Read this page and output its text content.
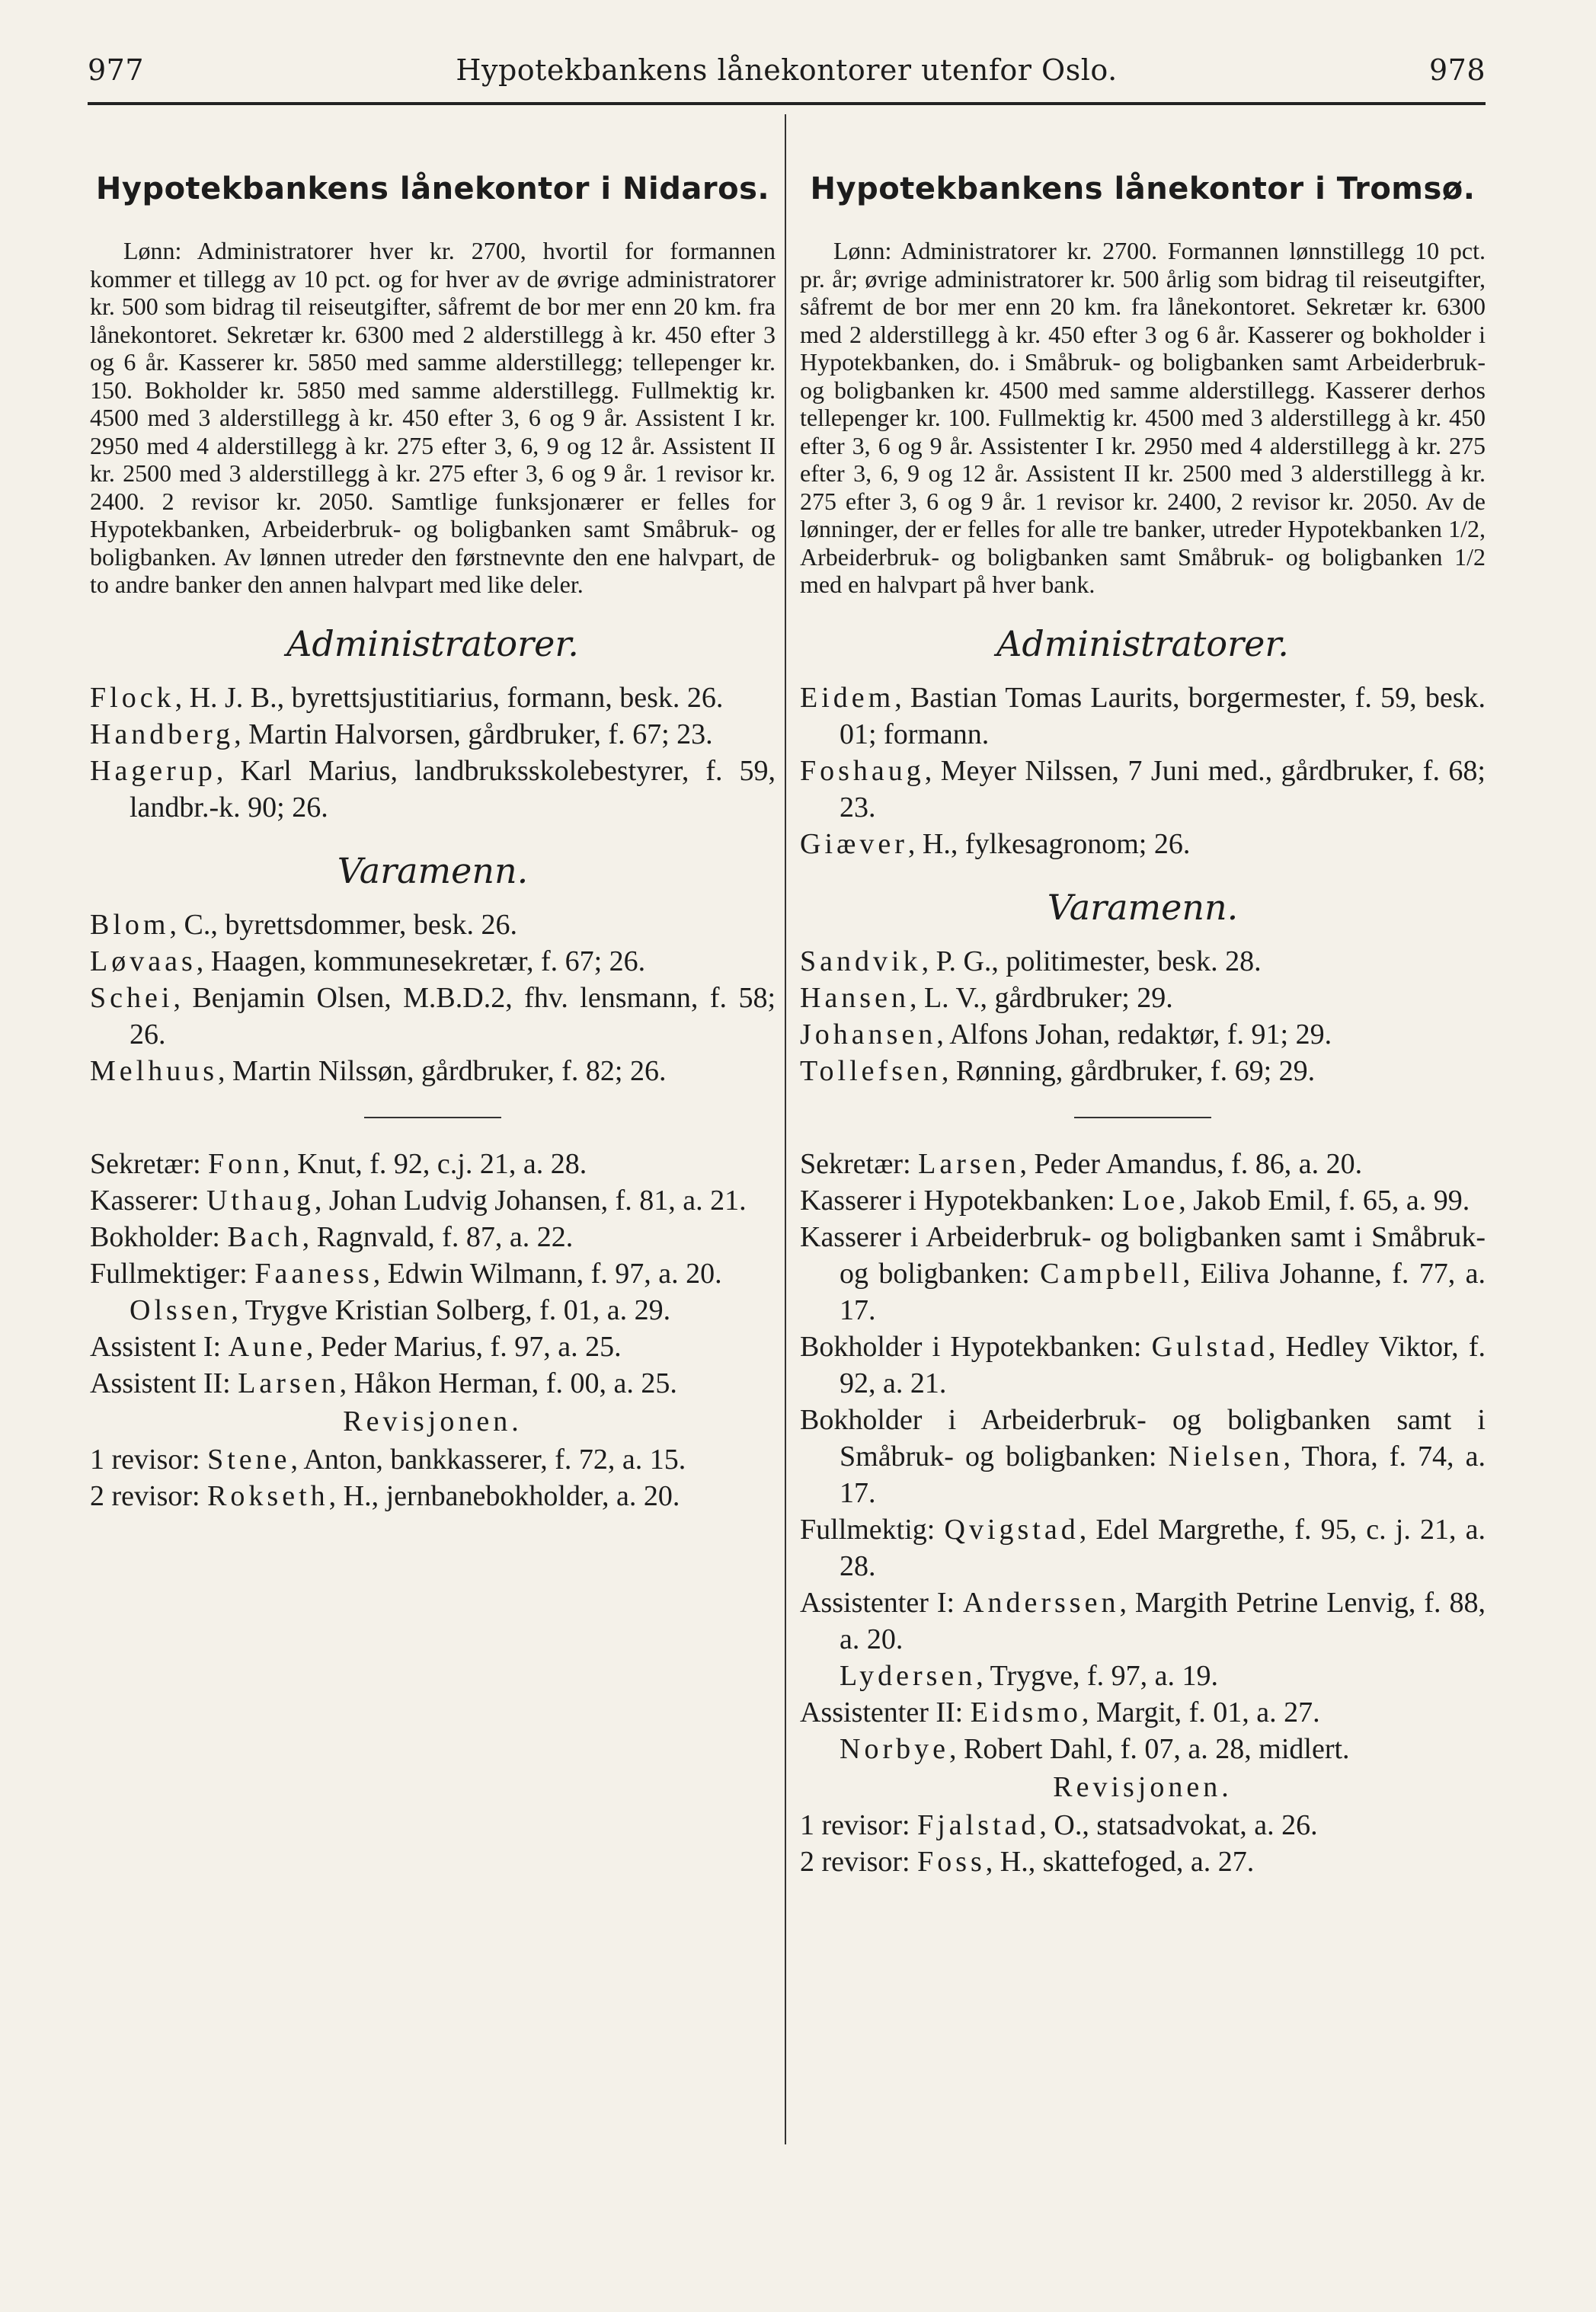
977	Hypotekbankens lånekontorer utenfor Oslo.	978
Hypotekbankens lånekontor i Nidaros.

Lønn: Administratorer hver kr. 2700, hvortil for formannen kommer et tillegg av 10 pct. og for hver av de øvrige administratorer kr. 500 som bidrag til reiseutgifter, såfremt de bor mer enn 20 km. fra lånekontoret. Sekretær kr. 6300 med 2 alderstillegg à kr. 450 efter 3 og 6 år. Kasserer kr. 5850 med samme alderstillegg; tellepenger kr. 150. Bokholder kr. 5850 med samme alderstillegg. Fullmektig kr. 4500 med 3 alderstillegg à kr. 450 efter 3, 6 og 9 år. Assistent I kr. 2950 med 4 alderstillegg à kr. 275 efter 3, 6, 9 og 12 år. Assistent II kr. 2500 med 3 alderstillegg à kr. 275 efter 3, 6 og 9 år. 1 revisor kr. 2400. 2 revisor kr. 2050. Samtlige funksjonærer er felles for Hypotekbanken, Arbeiderbruk- og boligbanken samt Småbruk- og boligbanken. Av lønnen utreder den førstnevnte den ene halvpart, de to andre banker den annen halvpart med like deler.

Administratorer.

Flock, H. J. B., byrettsjustitiarius, formann, besk. 26.

Handberg, Martin Halvorsen, gårdbruker, f. 67; 23.

Hagerup, Karl Marius, landbruksskolebestyrer, f. 59, landbr.-k. 90; 26.

Varamenn.

Blom, C., byrettsdommer, besk. 26.

Løvaas, Haagen, kommunesekretær, f. 67; 26.

Schei, Benjamin Olsen, M.B.D.2, fhv. lensmann, f. 58; 26.

Melhuus, Martin Nilssøn, gårdbruker, f. 82; 26.

Sekretær: Fonn, Knut, f. 92, c.j. 21, a. 28.

Kasserer: Uthaug, Johan Ludvig Johansen, f. 81, a. 21.

Bokholder: Bach, Ragnvald, f. 87, a. 22.

Fullmektiger: Faaness, Edwin Wilmann, f. 97, a. 20.

Olssen, Trygve Kristian Solberg, f. 01, a. 29.

Assistent I: Aune, Peder Marius, f. 97, a. 25.

Assistent II: Larsen, Håkon Herman, f. 00, a. 25.

Revisjonen.

1 revisor: Stene, Anton, bankkasserer, f. 72, a. 15.

2 revisor: Rokseth, H., jernbanebokholder, a. 20.

Hypotekbankens lånekontor i Tromsø.

Lønn: Administratorer kr. 2700. Formannen lønnstillegg 10 pct. pr. år; øvrige administratorer kr. 500 årlig som bidrag til reiseutgifter, såfremt de bor mer enn 20 km. fra lånekontoret. Sekretær kr. 6300 med 2 alderstillegg à kr. 450 efter 3 og 6 år. Kasserer og bokholder i Hypotekbanken, do. i Småbruk- og boligbanken samt Arbeiderbruk- og boligbanken kr. 4500 med samme alderstillegg. Kasserer derhos tellepenger kr. 100. Fullmektig kr. 4500 med 3 alderstillegg à kr. 450 efter 3, 6 og 9 år. Assistenter I kr. 2950 med 4 alderstillegg à kr. 275 efter 3, 6, 9 og 12 år. Assistent II kr. 2500 med 3 alderstillegg à kr. 275 efter 3, 6 og 9 år. 1 revisor kr. 2400, 2 revisor kr. 2050. Av de lønninger, der er felles for alle tre banker, utreder Hypotekbanken 1/2, Arbeiderbruk- og boligbanken samt Småbruk- og boligbanken 1/2 med en halvpart på hver bank.

Administratorer.

Eidem, Bastian Tomas Laurits, borgermester, f. 59, besk. 01; formann.

Foshaug, Meyer Nilssen, 7 Juni med., gårdbruker, f. 68; 23.

Giæver, H., fylkesagronom; 26.

Varamenn.

Sandvik, P. G., politimester, besk. 28.

Hansen, L. V., gårdbruker; 29.

Johansen, Alfons Johan, redaktør, f. 91; 29.

Tollefsen, Rønning, gårdbruker, f. 69; 29.

Sekretær: Larsen, Peder Amandus, f. 86, a. 20.

Kasserer i Hypotekbanken: Loe, Jakob Emil, f. 65, a. 99.

Kasserer i Arbeiderbruk- og boligbanken samt i Småbruk- og boligbanken: Campbell, Eiliva Johanne, f. 77, a. 17.

Bokholder i Hypotekbanken: Gulstad, Hedley Viktor, f. 92, a. 21.

Bokholder i Arbeiderbruk- og boligbanken samt i Småbruk- og boligbanken: Nielsen, Thora, f. 74, a. 17.

Fullmektig: Qvigstad, Edel Margrethe, f. 95, c. j. 21, a. 28.

Assistenter I: Anderssen, Margith Petrine Lenvig, f. 88, a. 20.

Lydersen, Trygve, f. 97, a. 19.

Assistenter II: Eidsmo, Margit, f. 01, a. 27.

Norbye, Robert Dahl, f. 07, a. 28, midlert.

Revisjonen.

1 revisor: Fjalstad, O., statsadvokat, a. 26.

2 revisor: Foss, H., skattefoged, a. 27.
